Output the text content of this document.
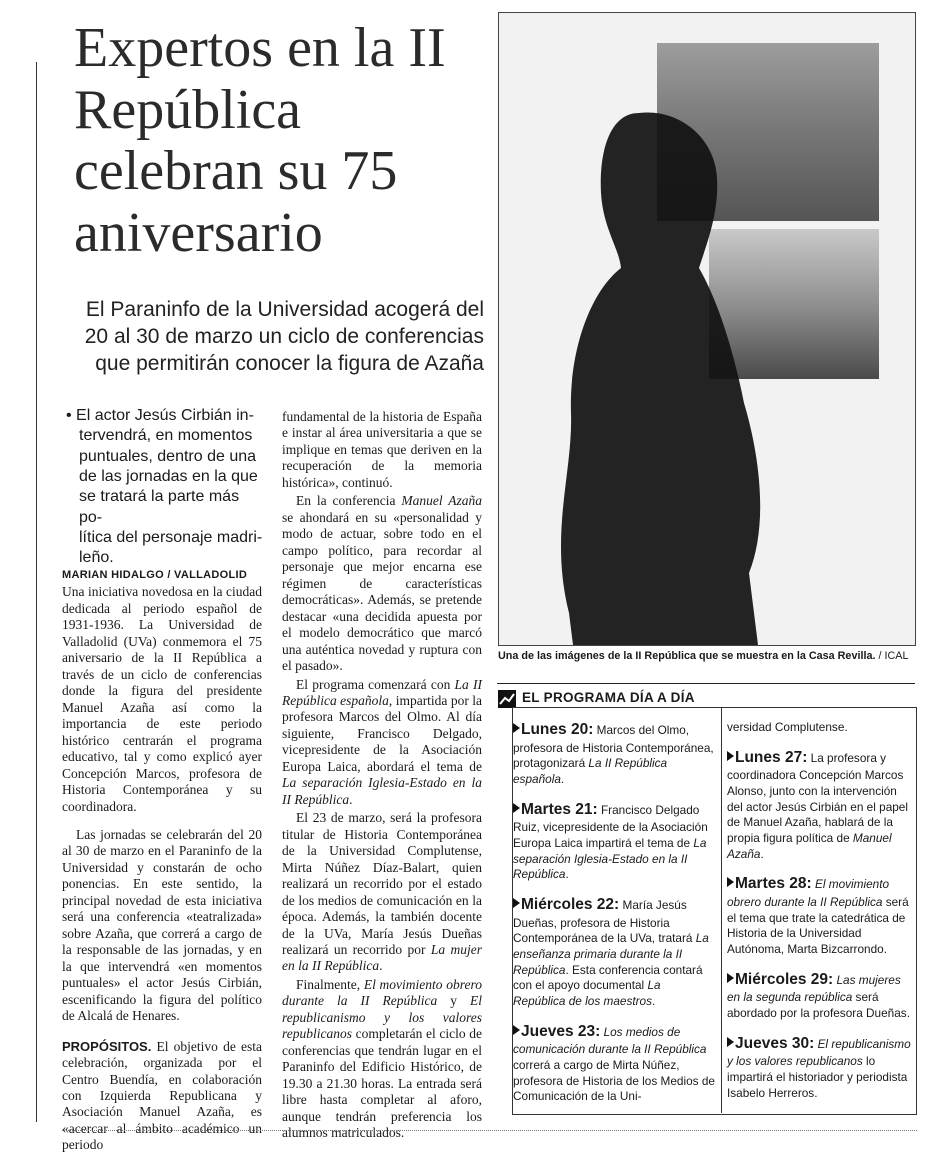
Expertos en la II República celebran su 75 aniversario

El Paraninfo de la Universidad acogerá del 20 al 30 de marzo un ciclo de conferencias que permitirán conocer la figura de Azaña

• El actor Jesús Cirbián in-
tervendrá, en momentos
puntuales, dentro de una
de las jornadas en la que
se tratará la parte más po-
lítica del personaje madri-
leño.
MARIAN HIDALGO / VALLADOLID

Una iniciativa novedosa en la ciudad dedicada al periodo español de 1931-1936. La Universidad de Valladolid (UVa) conmemora el 75 aniversario de la II República a través de un ciclo de conferencias donde la figura del presidente Manuel Azaña así como la importancia de este periodo histórico centrarán el programa educativo, tal y como explicó ayer Concepción Marcos, profesora de Historia Contemporánea y su coordinadora.

Las jornadas se celebrarán del 20 al 30 de marzo en el Paraninfo de la Universidad y constarán de ocho ponencias. En este sentido, la principal novedad de esta iniciativa será una conferencia «teatralizada» sobre Azaña, que correrá a cargo de la responsable de las jornadas, y en la que intervendrá «en momentos puntuales» el actor Jesús Cirbián, escenificando la figura del político de Alcalá de Henares.

PROPÓSITOS. El objetivo de esta celebración, organizada por el Centro Buendía, en colaboración con Izquierda Republicana y Asociación Manuel Azaña, es «acercar al ámbito académico un periodo

fundamental de la historia de España e instar al área universitaria a que se implique en temas que deriven en la recuperación de la memoria histórica», continuó.

En la conferencia Manuel Azaña se ahondará en su «personalidad y modo de actuar, sobre todo en el campo político, para recordar al personaje que mejor encarna ese régimen de características democráticas». Además, se pretende destacar «una decidida apuesta por el modelo democrático que marcó una auténtica novedad y ruptura con el pasado».

El programa comenzará con La II República española, impartida por la profesora Marcos del Olmo. Al día siguiente, Francisco Delgado, vicepresidente de la Asociación Europa Laica, abordará el tema de La separación Iglesia-Estado en la II República.

El 23 de marzo, será la profesora titular de Historia Contemporánea de la Universidad Complutense, Mirta Núñez Díaz-Balart, quien realizará un recorrido por el estado de los medios de comunicación en la época. Además, la también docente de la UVa, María Jesús Dueñas realizará un recorrido por La mujer en la II República.

Finalmente, El movimiento obrero durante la II República y El republicanismo y los valores republicanos completarán el ciclo de conferencias que tendrán lugar en el Paraninfo del Edificio Histórico, de 19.30 a 21.30 horas. La entrada será libre hasta completar al aforo, aunque tendrán preferencia los alumnos matriculados.

Una de las imágenes de la II República que se muestra en la Casa Revilla. / ICAL
EL PROGRAMA DÍA A DÍA

Lunes 20: Marcos del Olmo, profesora de Historia Contemporánea, protagonizará La II República española.

Martes 21: Francisco Delgado Ruiz, vicepresidente de la Asociación Europa Laica impartirá el tema de La separación Iglesia-Estado en la II República.

Miércoles 22: María Jesús Dueñas, profesora de Historia Contemporánea de la UVa, tratará La enseñanza primaria durante la II República. Esta conferencia contará con el apoyo documental La República de los maestros.

Jueves 23: Los medios de comunicación durante la II República correrá a cargo de Mirta Núñez, profesora de Historia de los Medios de Comunicación de la Uni-

versidad Complutense.

Lunes 27: La profesora y coordinadora Concepción Marcos Alonso, junto con la intervención del actor Jesús Cirbián en el papel de Manuel Azaña, hablará de la propia figura política de Manuel Azaña.

Martes 28: El movimiento obrero durante la II República será el tema que trate la catedrática de Historia de la Universidad Autónoma, Marta Bizcarrondo.

Miércoles 29: Las mujeres en la segunda república será abordado por la profesora Dueñas.

Jueves 30: El republicanismo y los valores republicanos lo impartirá el historiador y periodista Isabelo Herreros.
